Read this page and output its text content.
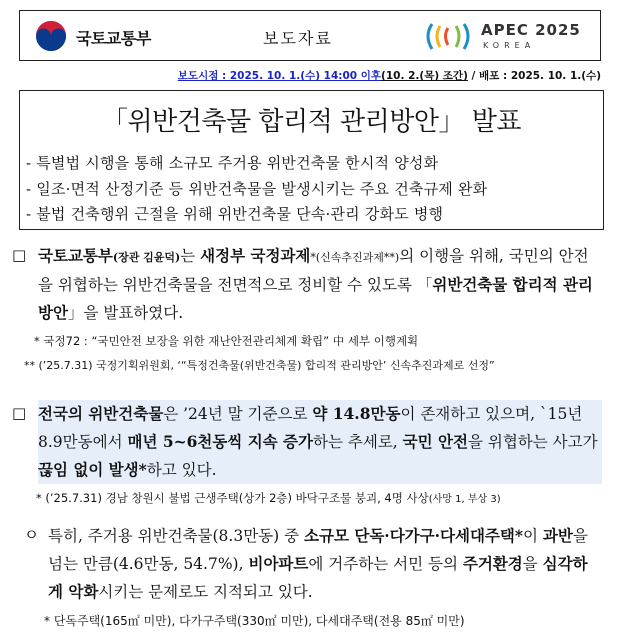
국토교통부	보도자료	APEC 2025
KOREA
보도시점 : 2025. 10. 1.(수) 14:00 이후(10. 2.(목) 조간) / 배포 : 2025. 10. 1.(수)
「위반건축물 합리적 관리방안」 발표
- 특별법 시행을 통해 소규모 주거용 위반건축물 한시적 양성화
- 일조·면적 산정기준 등 위반건축물을 발생시키는 주요 건축규제 완화
- 불법 건축행위 근절을 위해 위반건축물 단속·관리 강화도 병행
□ 국토교통부(장관 김윤덕)는 새정부 국정과제*(신속추진과제**)의 이행을 위해, 국민의 안전을 위협하는 위반건축물을 전면적으로 정비할 수 있도록 「위반건축물 합리적 관리방안」을 발표하였다.
* 국정72 : “국민안전 보장을 위한 재난안전관리체계 확립” 中 세부 이행계획
** (’25.7.31) 국정기획위원회, ‘“특정건축물(위반건축물) 합리적 관리방안’ 신속추진과제로 선정”
□ 전국의 위반건축물은 ’24년 말 기준으로 약 14.8만동이 존재하고 있으며, `15년 8.9만동에서 매년 5~6천동씩 지속 증가하는 추세로, 국민 안전을 위협하는 사고가 끊임 없이 발생*하고 있다.
* (’25.7.31) 경남 창원시 불법 근생주택(상가 2층) 바닥구조물 붕괴, 4명 사상(사망 1, 부상 3)
ㅇ 특히, 주거용 위반건축물(8.3만동) 중 소규모 단독·다가구·다세대주택*이 과반을 넘는 만큼(4.6만동, 54.7%), 비아파트에 거주하는 서민 등의 주거환경을 심각하게 악화시키는 문제로도 지적되고 있다.
* 단독주택(165㎡ 미만), 다가구주택(330㎡ 미만), 다세대주택(전용 85㎡ 미만)
